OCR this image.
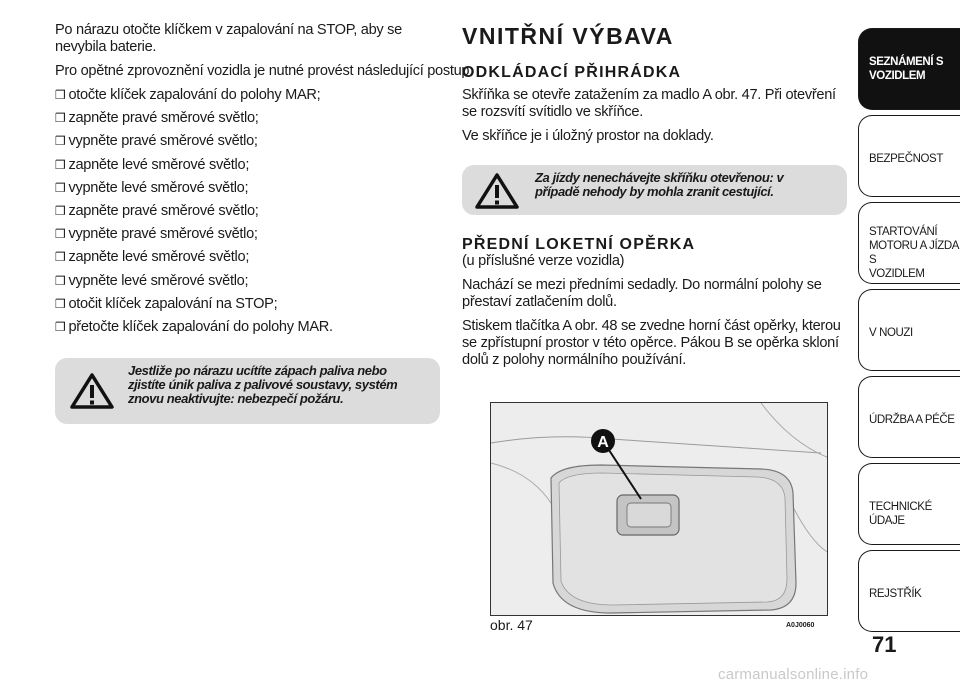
Po nárazu otočte klíčkem v zapalování na STOP, aby se nevybila baterie.

Pro opětné zprovoznění vozidla je nutné provést následující postup:

❒ otočte klíček zapalování do polohy MAR;
❒ zapněte pravé směrové světlo;
❒ vypněte pravé směrové světlo;
❒ zapněte levé směrové světlo;
❒ vypněte levé směrové světlo;
❒ zapněte pravé směrové světlo;
❒ vypněte pravé směrové světlo;
❒ zapněte levé směrové světlo;
❒ vypněte levé směrové světlo;
❒ otočit klíček zapalování na STOP;
❒ přetočte klíček zapalování do polohy MAR.
Jestliže po nárazu ucítíte zápach paliva nebo zjistíte únik paliva z palivové soustavy, systém znovu neaktivujte: nebezpečí požáru.
VNITŘNÍ VÝBAVA
ODKLÁDACÍ PŘIHRÁDKA

Skříňka se otevře zatažením za madlo A obr. 47. Při otevření se rozsvítí svítidlo ve skříňce.

Ve skříňce je i úložný prostor na doklady.

Za jízdy nenechávejte skříňku otevřenou: v případě nehody by mohla zranit cestující.
PŘEDNÍ LOKETNÍ OPĚRKA

(u příslušné verze vozidla)

Nachází se mezi předními sedadly. Do normální polohy se přestaví zatlačením dolů.

Stiskem tlačítka A obr. 48 se zvedne horní část opěrky, kterou se zpřístupní prostor v této opěrce. Pákou B se opěrka skloní dolů z polohy normálního používání.

A
obr. 47	A0J0060
SEZNÁMENÍ S
VOZIDLEM
BEZPEČNOST
STARTOVÁNÍ
MOTORU A JÍZDA S
VOZIDLEM
V NOUZI
ÚDRŽBA A PÉČE
TECHNICKÉ ÚDAJE
REJSTŘÍK
71
carmanualsonline.info
